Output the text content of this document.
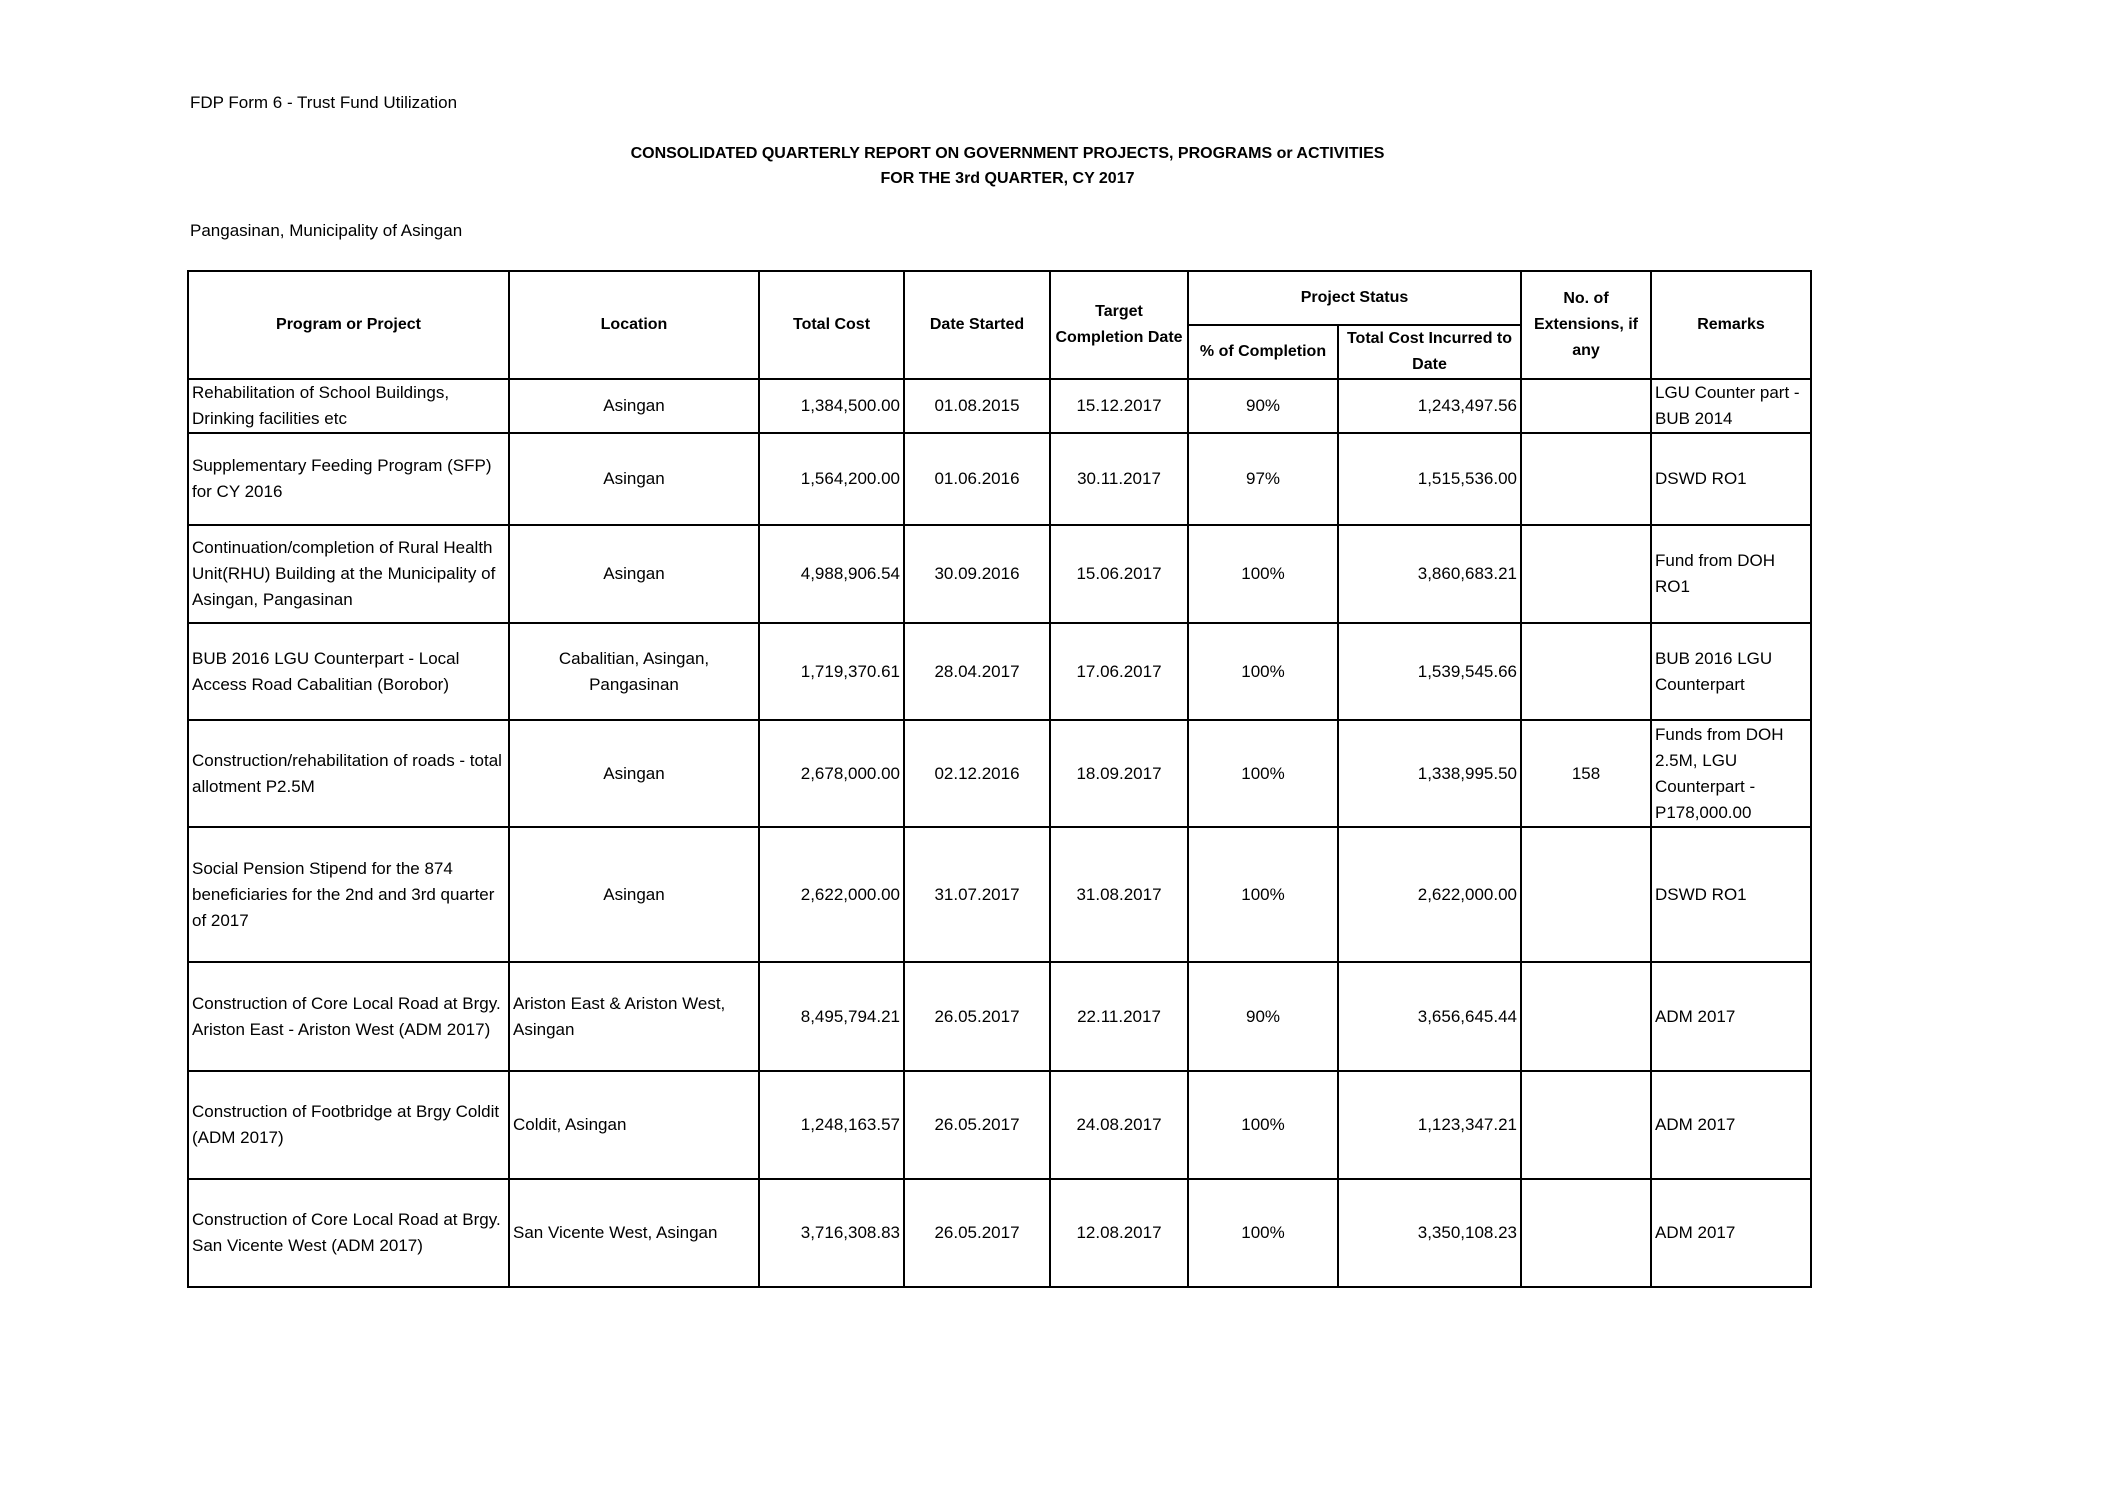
FDP Form 6 - Trust Fund Utilization
CONSOLIDATED QUARTERLY REPORT ON GOVERNMENT PROJECTS, PROGRAMS or ACTIVITIES
FOR THE 3rd QUARTER, CY 2017
Pangasinan, Municipality of Asingan
Program or Project	Location	Total Cost	Date Started	Target Completion Date	Project Status		No. of Extensions, if any	Remarks
					% of Completion	Total Cost Incurred to Date		
Rehabilitation of School Buildings, Drinking facilities etc	Asingan	1,384,500.00	01.08.2015	15.12.2017	90%	1,243,497.56		LGU Counter part - BUB 2014
Supplementary Feeding Program (SFP) for CY 2016	Asingan	1,564,200.00	01.06.2016	30.11.2017	97%	1,515,536.00		DSWD RO1
Continuation/completion of Rural Health Unit(RHU) Building at the Municipality of Asingan, Pangasinan	Asingan	4,988,906.54	30.09.2016	15.06.2017	100%	3,860,683.21		Fund from DOH RO1
BUB 2016 LGU Counterpart - Local Access Road Cabalitian (Borobor)	Cabalitian, Asingan, Pangasinan	1,719,370.61	28.04.2017	17.06.2017	100%	1,539,545.66		BUB 2016 LGU Counterpart
Construction/rehabilitation of roads - total allotment P2.5M	Asingan	2,678,000.00	02.12.2016	18.09.2017	100%	1,338,995.50	158	Funds from DOH 2.5M, LGU Counterpart - P178,000.00
Social Pension Stipend for the 874 beneficiaries for the 2nd and 3rd quarter of 2017	Asingan	2,622,000.00	31.07.2017	31.08.2017	100%	2,622,000.00		DSWD RO1
Construction of Core Local Road at Brgy. Ariston East - Ariston West (ADM 2017)	Ariston East & Ariston West, Asingan	8,495,794.21	26.05.2017	22.11.2017	90%	3,656,645.44		ADM 2017
Construction of Footbridge at Brgy Coldit (ADM 2017)	Coldit, Asingan	1,248,163.57	26.05.2017	24.08.2017	100%	1,123,347.21		ADM 2017
Construction of Core Local Road at Brgy. San Vicente West (ADM 2017)	San Vicente West, Asingan	3,716,308.83	26.05.2017	12.08.2017	100%	3,350,108.23		ADM 2017
